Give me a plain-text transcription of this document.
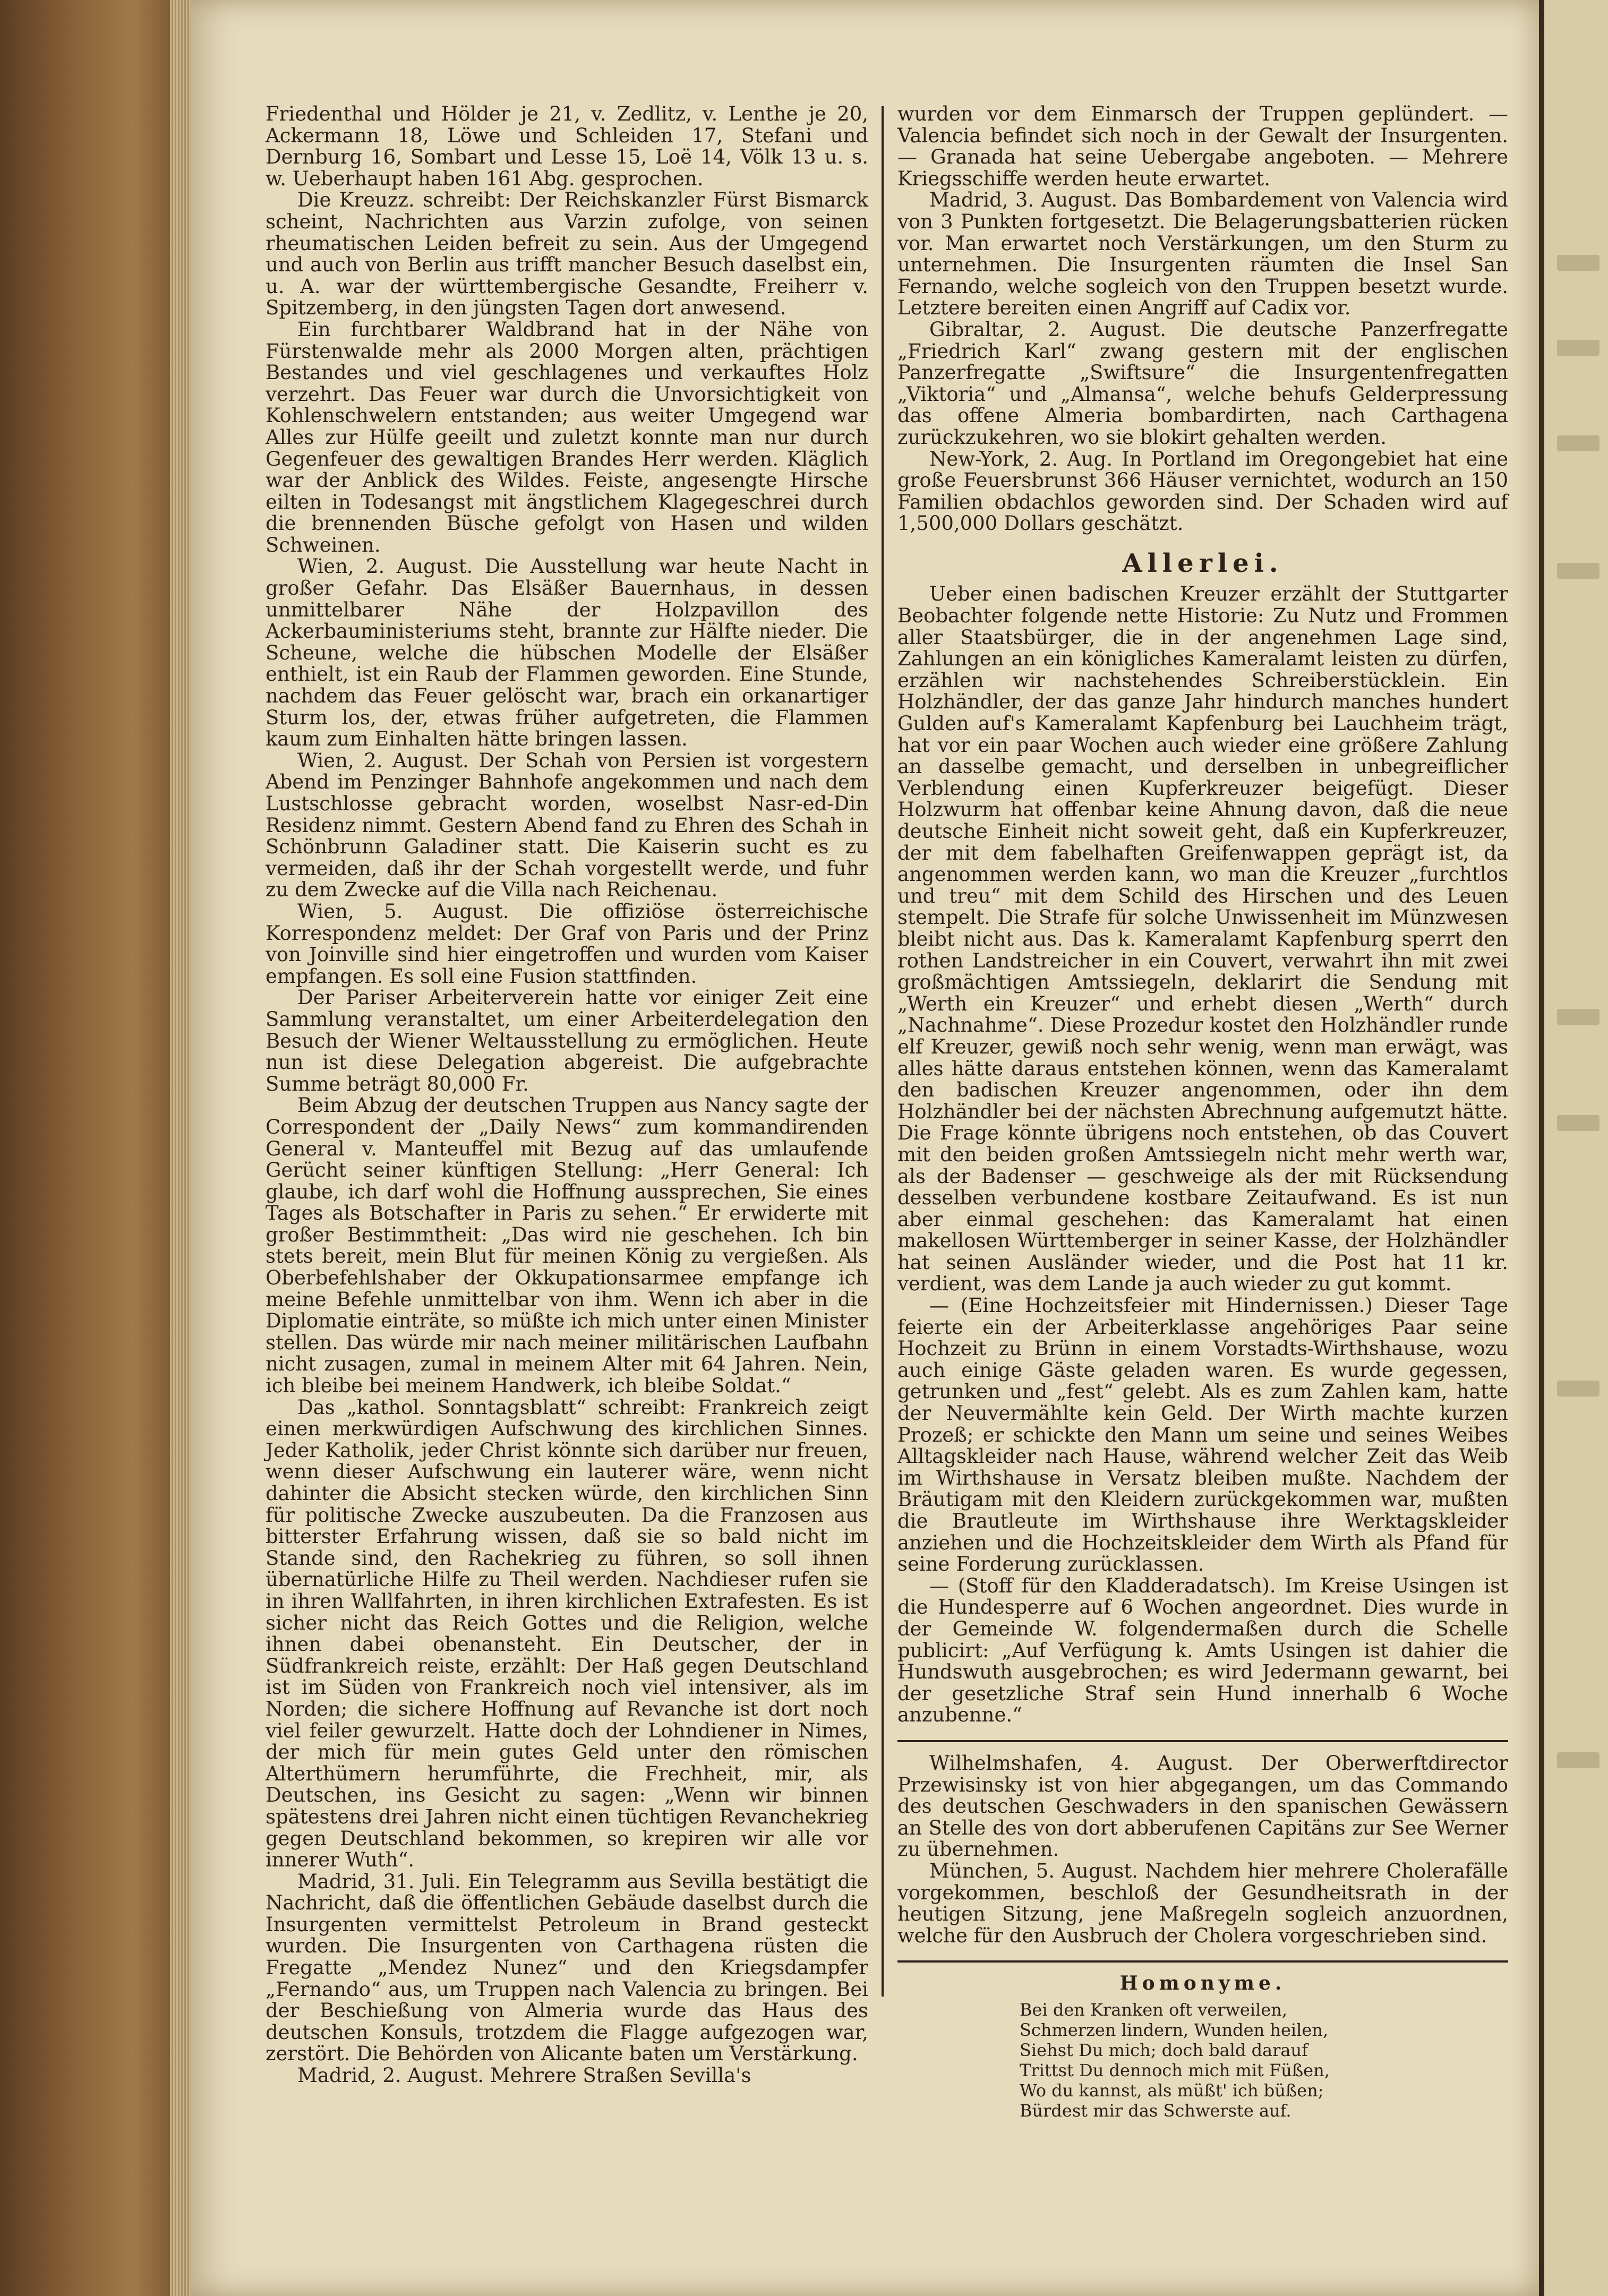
Friedenthal und Hölder je 21, v. Zedlitz, v. Lenthe je 20, Ackermann 18, Löwe und Schleiden 17, Stefani und Dernburg 16, Sombart und Lesse 15, Loë 14, Völk 13 u. s. w. Ueberhaupt haben 161 Abg. gesprochen.

Die Kreuzz. schreibt: Der Reichskanzler Fürst Bismarck scheint, Nachrichten aus Varzin zufolge, von seinen rheumatischen Leiden befreit zu sein. Aus der Umgegend und auch von Berlin aus trifft mancher Besuch daselbst ein, u. A. war der württembergische Gesandte, Freiherr v. Spitzemberg, in den jüngsten Tagen dort anwesend.

Ein furchtbarer Waldbrand hat in der Nähe von Fürstenwalde mehr als 2000 Morgen alten, prächtigen Bestandes und viel geschlagenes und verkauftes Holz verzehrt. Das Feuer war durch die Unvorsichtigkeit von Kohlenschwelern entstanden; aus weiter Umgegend war Alles zur Hülfe geeilt und zuletzt konnte man nur durch Gegenfeuer des gewaltigen Brandes Herr werden. Kläglich war der Anblick des Wildes. Feiste, angesengte Hirsche eilten in Todesangst mit ängstlichem Klagegeschrei durch die brennenden Büsche gefolgt von Hasen und wilden Schweinen.

Wien, 2. August. Die Ausstellung war heute Nacht in großer Gefahr. Das Elsäßer Bauernhaus, in dessen unmittelbarer Nähe der Holzpavillon des Ackerbauministeriums steht, brannte zur Hälfte nieder. Die Scheune, welche die hübschen Modelle der Elsäßer enthielt, ist ein Raub der Flammen geworden. Eine Stunde, nachdem das Feuer gelöscht war, brach ein orkanartiger Sturm los, der, etwas früher aufgetreten, die Flammen kaum zum Einhalten hätte bringen lassen.

Wien, 2. August. Der Schah von Persien ist vorgestern Abend im Penzinger Bahnhofe angekommen und nach dem Lustschlosse gebracht worden, woselbst Nasr-ed-Din Residenz nimmt. Gestern Abend fand zu Ehren des Schah in Schönbrunn Galadiner statt. Die Kaiserin sucht es zu vermeiden, daß ihr der Schah vorgestellt werde, und fuhr zu dem Zwecke auf die Villa nach Reichenau.

Wien, 5. August. Die offiziöse österreichische Korrespondenz meldet: Der Graf von Paris und der Prinz von Joinville sind hier eingetroffen und wurden vom Kaiser empfangen. Es soll eine Fusion stattfinden.

Der Pariser Arbeiterverein hatte vor einiger Zeit eine Sammlung veranstaltet, um einer Arbeiterdelegation den Besuch der Wiener Weltausstellung zu ermöglichen. Heute nun ist diese Delegation abgereist. Die aufgebrachte Summe beträgt 80,000 Fr.

Beim Abzug der deutschen Truppen aus Nancy sagte der Correspondent der „Daily News“ zum kommandirenden General v. Manteuffel mit Bezug auf das umlaufende Gerücht seiner künftigen Stellung: „Herr General: Ich glaube, ich darf wohl die Hoffnung aussprechen, Sie eines Tages als Botschafter in Paris zu sehen.“ Er erwiderte mit großer Bestimmtheit: „Das wird nie geschehen. Ich bin stets bereit, mein Blut für meinen König zu vergießen. Als Oberbefehlshaber der Okkupationsarmee empfange ich meine Befehle unmittelbar von ihm. Wenn ich aber in die Diplomatie einträte, so müßte ich mich unter einen Minister stellen. Das würde mir nach meiner militärischen Laufbahn nicht zusagen, zumal in meinem Alter mit 64 Jahren. Nein, ich bleibe bei meinem Handwerk, ich bleibe Soldat.“

Das „kathol. Sonntagsblatt“ schreibt: Frankreich zeigt einen merkwürdigen Aufschwung des kirchlichen Sinnes. Jeder Katholik, jeder Christ könnte sich darüber nur freuen, wenn dieser Aufschwung ein lauterer wäre, wenn nicht dahinter die Absicht stecken würde, den kirchlichen Sinn für politische Zwecke auszubeuten. Da die Franzosen aus bitterster Erfahrung wissen, daß sie so bald nicht im Stande sind, den Rachekrieg zu führen, so soll ihnen übernatürliche Hilfe zu Theil werden. Nachdieser rufen sie in ihren Wallfahrten, in ihren kirchlichen Extrafesten. Es ist sicher nicht das Reich Gottes und die Religion, welche ihnen dabei obenansteht. Ein Deutscher, der in Südfrankreich reiste, erzählt: Der Haß gegen Deutschland ist im Süden von Frankreich noch viel intensiver, als im Norden; die sichere Hoffnung auf Revanche ist dort noch viel feiler gewurzelt. Hatte doch der Lohndiener in Nimes, der mich für mein gutes Geld unter den römischen Alterthümern herumführte, die Frechheit, mir, als Deutschen, ins Gesicht zu sagen: „Wenn wir binnen spätestens drei Jahren nicht einen tüchtigen Revanchekrieg gegen Deutschland bekommen, so krepiren wir alle vor innerer Wuth“.

Madrid, 31. Juli. Ein Telegramm aus Sevilla bestätigt die Nachricht, daß die öffentlichen Gebäude daselbst durch die Insurgenten vermittelst Petroleum in Brand gesteckt wurden. Die Insurgenten von Carthagena rüsten die Fregatte „Mendez Nunez“ und den Kriegsdampfer „Fernando“ aus, um Truppen nach Valencia zu bringen. Bei der Beschießung von Almeria wurde das Haus des deutschen Konsuls, trotzdem die Flagge aufgezogen war, zerstört. Die Behörden von Alicante baten um Verstärkung.

Madrid, 2. August. Mehrere Straßen Sevilla's

wurden vor dem Einmarsch der Truppen geplündert. — Valencia befindet sich noch in der Gewalt der Insurgenten. — Granada hat seine Uebergabe angeboten. — Mehrere Kriegsschiffe werden heute erwartet.

Madrid, 3. August. Das Bombardement von Valencia wird von 3 Punkten fortgesetzt. Die Belagerungsbatterien rücken vor. Man erwartet noch Verstärkungen, um den Sturm zu unternehmen. Die Insurgenten räumten die Insel San Fernando, welche sogleich von den Truppen besetzt wurde. Letztere bereiten einen Angriff auf Cadix vor.

Gibraltar, 2. August. Die deutsche Panzerfregatte „Friedrich Karl“ zwang gestern mit der englischen Panzerfregatte „Swiftsure“ die Insurgentenfregatten „Viktoria“ und „Almansa“, welche behufs Gelderpressung das offene Almeria bombardirten, nach Carthagena zurückzukehren, wo sie blokirt gehalten werden.

New-York, 2. Aug. In Portland im Oregongebiet hat eine große Feuersbrunst 366 Häuser vernichtet, wodurch an 150 Familien obdachlos geworden sind. Der Schaden wird auf 1,500,000 Dollars geschätzt.

Allerlei.

Ueber einen badischen Kreuzer erzählt der Stuttgarter Beobachter folgende nette Historie: Zu Nutz und Frommen aller Staatsbürger, die in der angenehmen Lage sind, Zahlungen an ein königliches Kameralamt leisten zu dürfen, erzählen wir nachstehendes Schreiberstücklein. Ein Holzhändler, der das ganze Jahr hindurch manches hundert Gulden auf's Kameralamt Kapfenburg bei Lauchheim trägt, hat vor ein paar Wochen auch wieder eine größere Zahlung an dasselbe gemacht, und derselben in unbegreiflicher Verblendung einen Kupferkreuzer beigefügt. Dieser Holzwurm hat offenbar keine Ahnung davon, daß die neue deutsche Einheit nicht soweit geht, daß ein Kupferkreuzer, der mit dem fabelhaften Greifenwappen geprägt ist, da angenommen werden kann, wo man die Kreuzer „furchtlos und treu“ mit dem Schild des Hirschen und des Leuen stempelt. Die Strafe für solche Unwissenheit im Münzwesen bleibt nicht aus. Das k. Kameralamt Kapfenburg sperrt den rothen Landstreicher in ein Couvert, verwahrt ihn mit zwei großmächtigen Amtssiegeln, deklarirt die Sendung mit „Werth ein Kreuzer“ und erhebt diesen „Werth“ durch „Nachnahme“. Diese Prozedur kostet den Holzhändler runde elf Kreuzer, gewiß noch sehr wenig, wenn man erwägt, was alles hätte daraus entstehen können, wenn das Kameralamt den badischen Kreuzer angenommen, oder ihn dem Holzhändler bei der nächsten Abrechnung aufgemutzt hätte. Die Frage könnte übrigens noch entstehen, ob das Couvert mit den beiden großen Amtssiegeln nicht mehr werth war, als der Badenser — geschweige als der mit Rücksendung desselben verbundene kostbare Zeitaufwand. Es ist nun aber einmal geschehen: das Kameralamt hat einen makellosen Württemberger in seiner Kasse, der Holzhändler hat seinen Ausländer wieder, und die Post hat 11 kr. verdient, was dem Lande ja auch wieder zu gut kommt.

— (Eine Hochzeitsfeier mit Hindernissen.) Dieser Tage feierte ein der Arbeiterklasse angehöriges Paar seine Hochzeit zu Brünn in einem Vorstadts-Wirthshause, wozu auch einige Gäste geladen waren. Es wurde gegessen, getrunken und „fest“ gelebt. Als es zum Zahlen kam, hatte der Neuvermählte kein Geld. Der Wirth machte kurzen Prozeß; er schickte den Mann um seine und seines Weibes Alltagskleider nach Hause, während welcher Zeit das Weib im Wirthshause in Versatz bleiben mußte. Nachdem der Bräutigam mit den Kleidern zurückgekommen war, mußten die Brautleute im Wirthshause ihre Werktagskleider anziehen und die Hochzeitskleider dem Wirth als Pfand für seine Forderung zurücklassen.

— (Stoff für den Kladderadatsch). Im Kreise Usingen ist die Hundesperre auf 6 Wochen angeordnet. Dies wurde in der Gemeinde W. folgendermaßen durch die Schelle publicirt: „Auf Verfügung k. Amts Usingen ist dahier die Hundswuth ausgebrochen; es wird Jedermann gewarnt, bei der gesetzliche Straf sein Hund innerhalb 6 Woche anzubenne.“

Wilhelmshafen, 4. August. Der Oberwerftdirector Przewisinsky ist von hier abgegangen, um das Commando des deutschen Geschwaders in den spanischen Gewässern an Stelle des von dort abberufenen Capitäns zur See Werner zu übernehmen.

München, 5. August. Nachdem hier mehrere Cholerafälle vorgekommen, beschloß der Gesundheitsrath in der heutigen Sitzung, jene Maßregeln sogleich anzuordnen, welche für den Ausbruch der Cholera vorgeschrieben sind.

Homonyme.
Bei den Kranken oft verweilen,
Schmerzen lindern, Wunden heilen,
Siehst Du mich; doch bald darauf
Trittst Du dennoch mich mit Füßen,
Wo du kannst, als müßt' ich büßen;
Bürdest mir das Schwerste auf.
